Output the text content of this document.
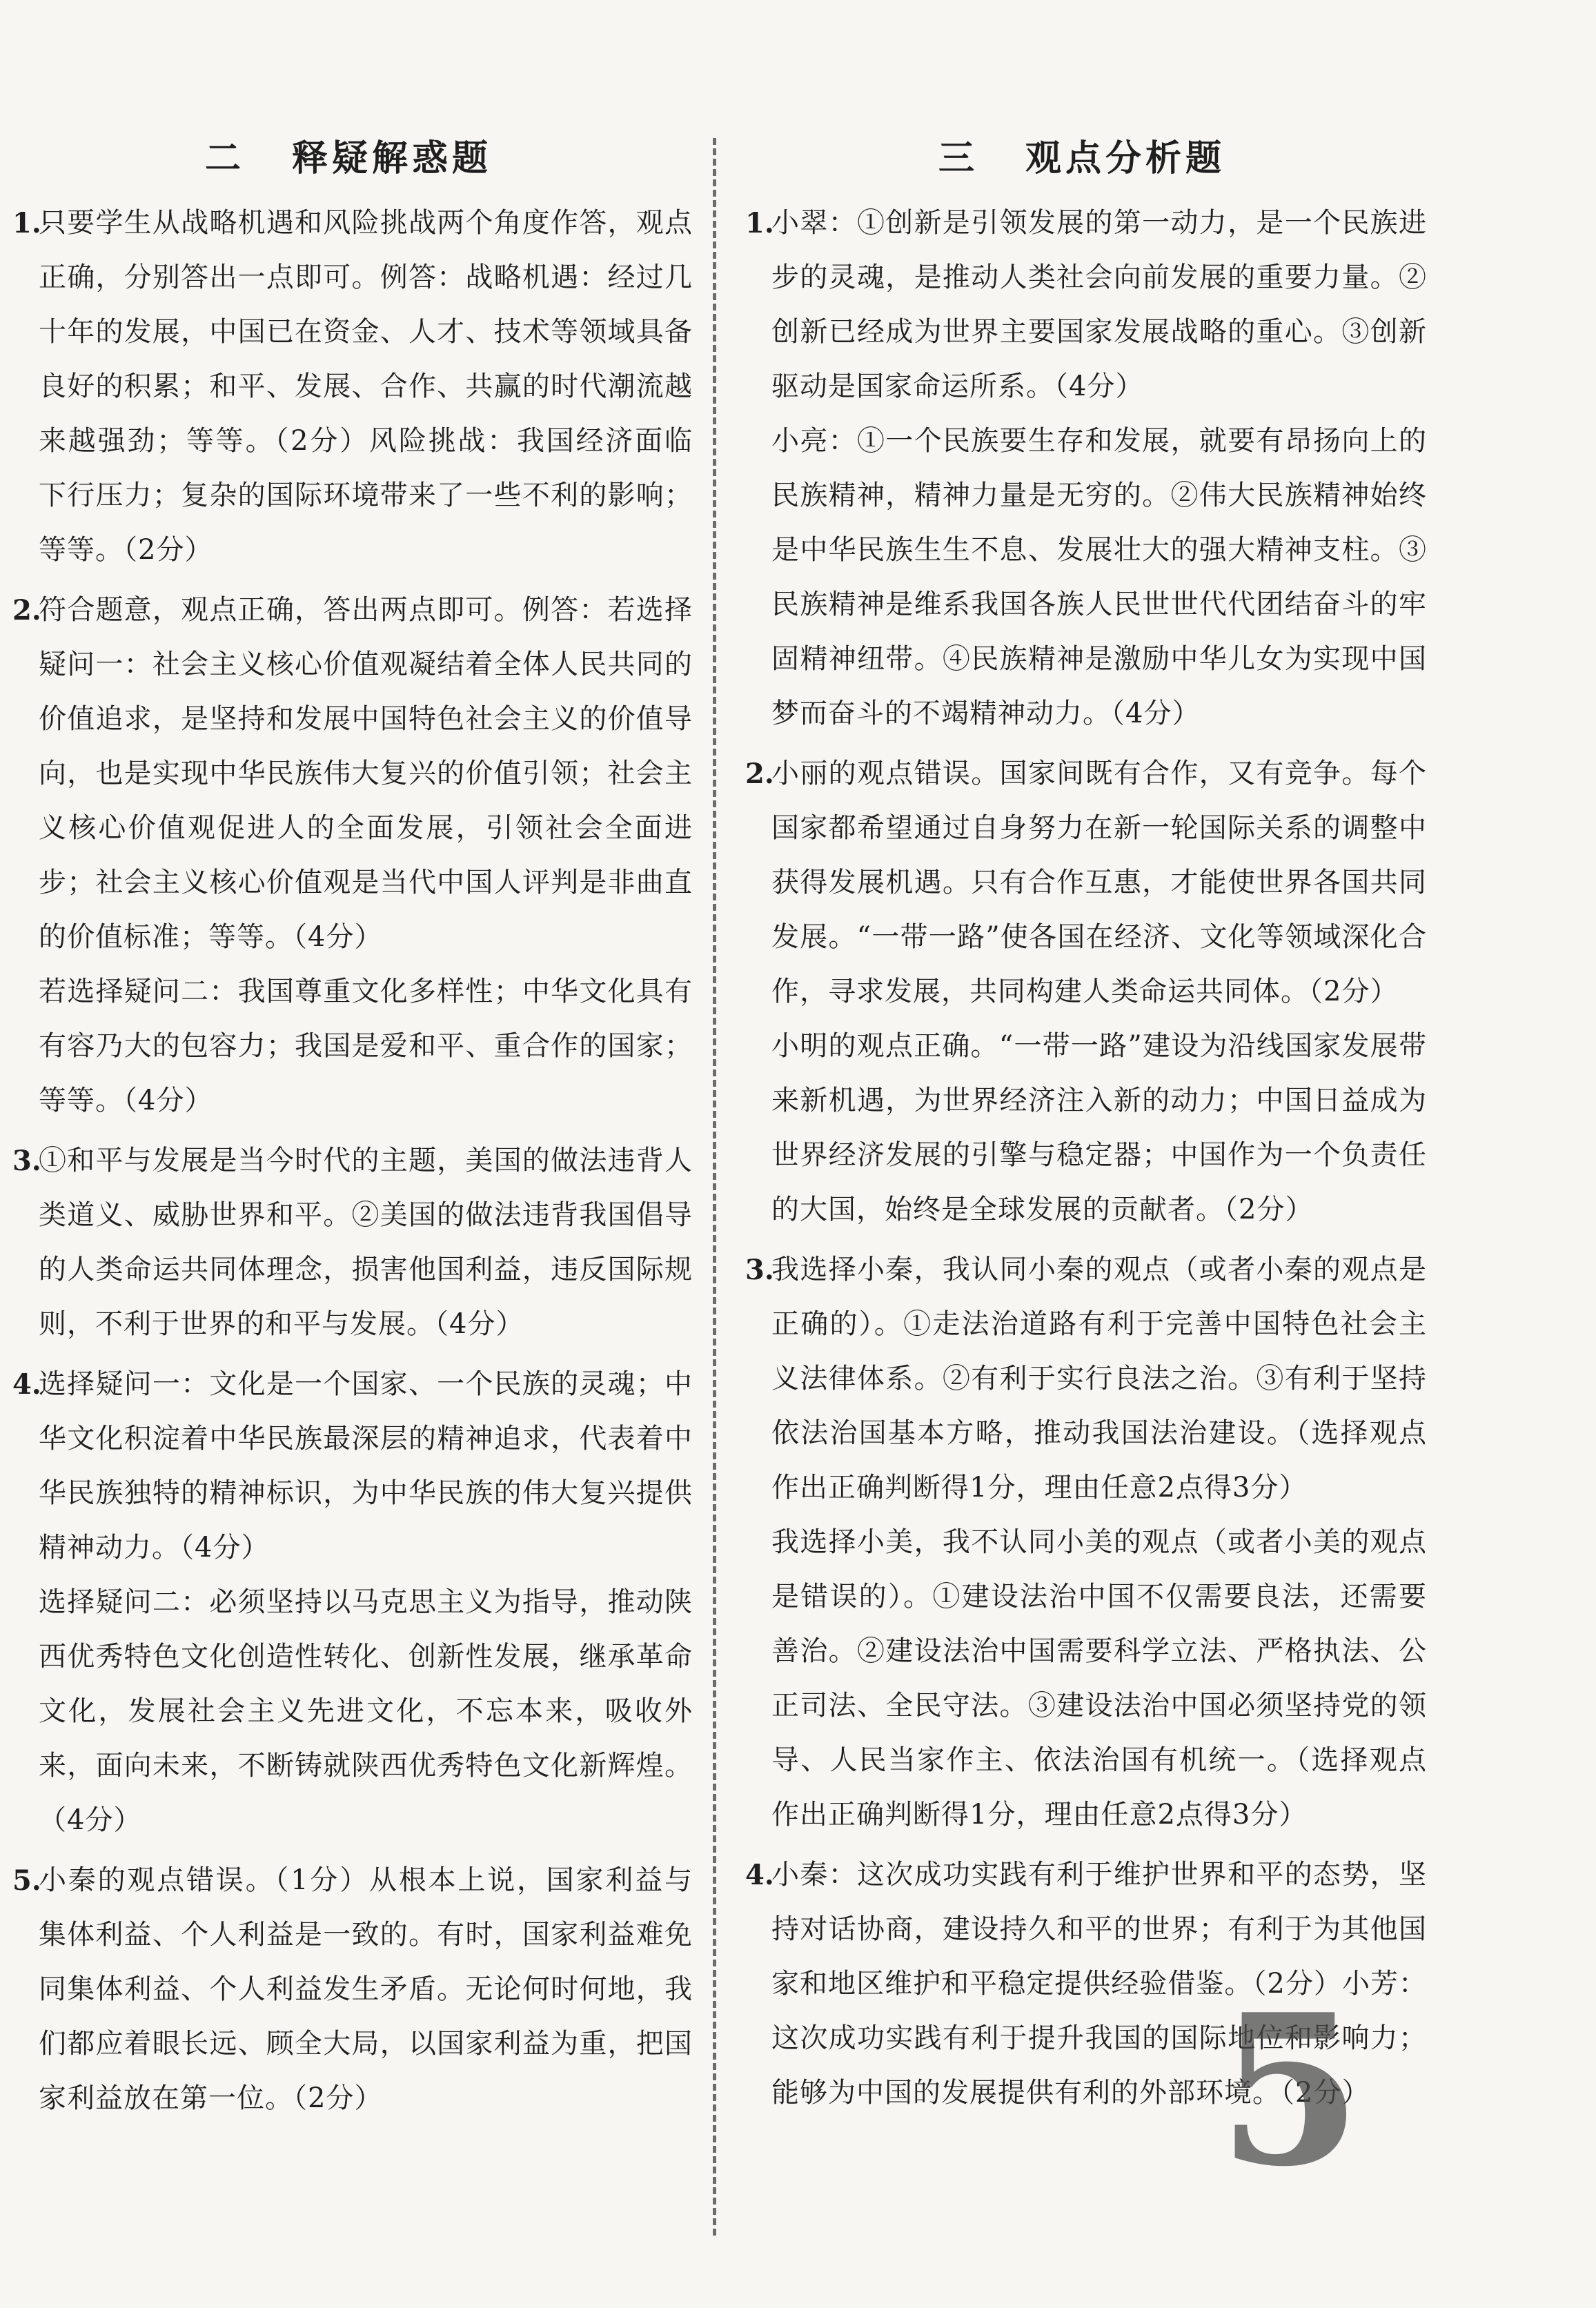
二 释疑解惑题
1.
只要学生从战略机遇和风险挑战两个角度作答，观点正确，分别答出一点即可。例答：战略机遇：经过几十年的发展，中国已在资金、人才、技术等领域具备良好的积累；和平、发展、合作、共赢的时代潮流越来越强劲；等等。（2分）风险挑战：我国经济面临下行压力；复杂的国际环境带来了一些不利的影响；等等。（2分）
2.
符合题意，观点正确，答出两点即可。例答：若选择疑问一：社会主义核心价值观凝结着全体人民共同的价值追求，是坚持和发展中国特色社会主义的价值导向，也是实现中华民族伟大复兴的价值引领；社会主义核心价值观促进人的全面发展，引领社会全面进步；社会主义核心价值观是当代中国人评判是非曲直的价值标准；等等。（4分）
若选择疑问二：我国尊重文化多样性；中华文化具有有容乃大的包容力；我国是爱和平、重合作的国家；等等。（4分）
3.
①和平与发展是当今时代的主题，美国的做法违背人类道义、威胁世界和平。②美国的做法违背我国倡导的人类命运共同体理念，损害他国利益，违反国际规则，不利于世界的和平与发展。（4分）
4.
选择疑问一：文化是一个国家、一个民族的灵魂；中华文化积淀着中华民族最深层的精神追求，代表着中华民族独特的精神标识，为中华民族的伟大复兴提供精神动力。（4分）
选择疑问二：必须坚持以马克思主义为指导，推动陕西优秀特色文化创造性转化、创新性发展，继承革命文化，发展社会主义先进文化，不忘本来，吸收外来，面向未来，不断铸就陕西优秀特色文化新辉煌。（4分）
5.
小秦的观点错误。（1分）从根本上说，国家利益与集体利益、个人利益是一致的。有时，国家利益难免同集体利益、个人利益发生矛盾。无论何时何地，我们都应着眼长远、顾全大局，以国家利益为重，把国家利益放在第一位。（2分）
三 观点分析题
1.
小翠：①创新是引领发展的第一动力，是一个民族进步的灵魂，是推动人类社会向前发展的重要力量。②创新已经成为世界主要国家发展战略的重心。③创新驱动是国家命运所系。（4分）
小亮：①一个民族要生存和发展，就要有昂扬向上的民族精神，精神力量是无穷的。②伟大民族精神始终是中华民族生生不息、发展壮大的强大精神支柱。③民族精神是维系我国各族人民世世代代团结奋斗的牢固精神纽带。④民族精神是激励中华儿女为实现中国梦而奋斗的不竭精神动力。（4分）
2.
小丽的观点错误。国家间既有合作，又有竞争。每个国家都希望通过自身努力在新一轮国际关系的调整中获得发展机遇。只有合作互惠，才能使世界各国共同发展。“一带一路”使各国在经济、文化等领域深化合作，寻求发展，共同构建人类命运共同体。（2分）
小明的观点正确。“一带一路”建设为沿线国家发展带来新机遇，为世界经济注入新的动力；中国日益成为世界经济发展的引擎与稳定器；中国作为一个负责任的大国，始终是全球发展的贡献者。（2分）
3.
我选择小秦，我认同小秦的观点（或者小秦的观点是正确的）。①走法治道路有利于完善中国特色社会主义法律体系。②有利于实行良法之治。③有利于坚持依法治国基本方略，推动我国法治建设。（选择观点作出正确判断得1分，理由任意2点得3分）
我选择小美，我不认同小美的观点（或者小美的观点是错误的）。①建设法治中国不仅需要良法，还需要善治。②建设法治中国需要科学立法、严格执法、公正司法、全民守法。③建设法治中国必须坚持党的领导、人民当家作主、依法治国有机统一。（选择观点作出正确判断得1分，理由任意2点得3分）
4.
小秦：这次成功实践有利于维护世界和平的态势，坚持对话协商，建设持久和平的世界；有利于为其他国家和地区维护和平稳定提供经验借鉴。（2分）小芳：这次成功实践有利于提升我国的国际地位和影响力；能够为中国的发展提供有利的外部环境。（2分）
5
